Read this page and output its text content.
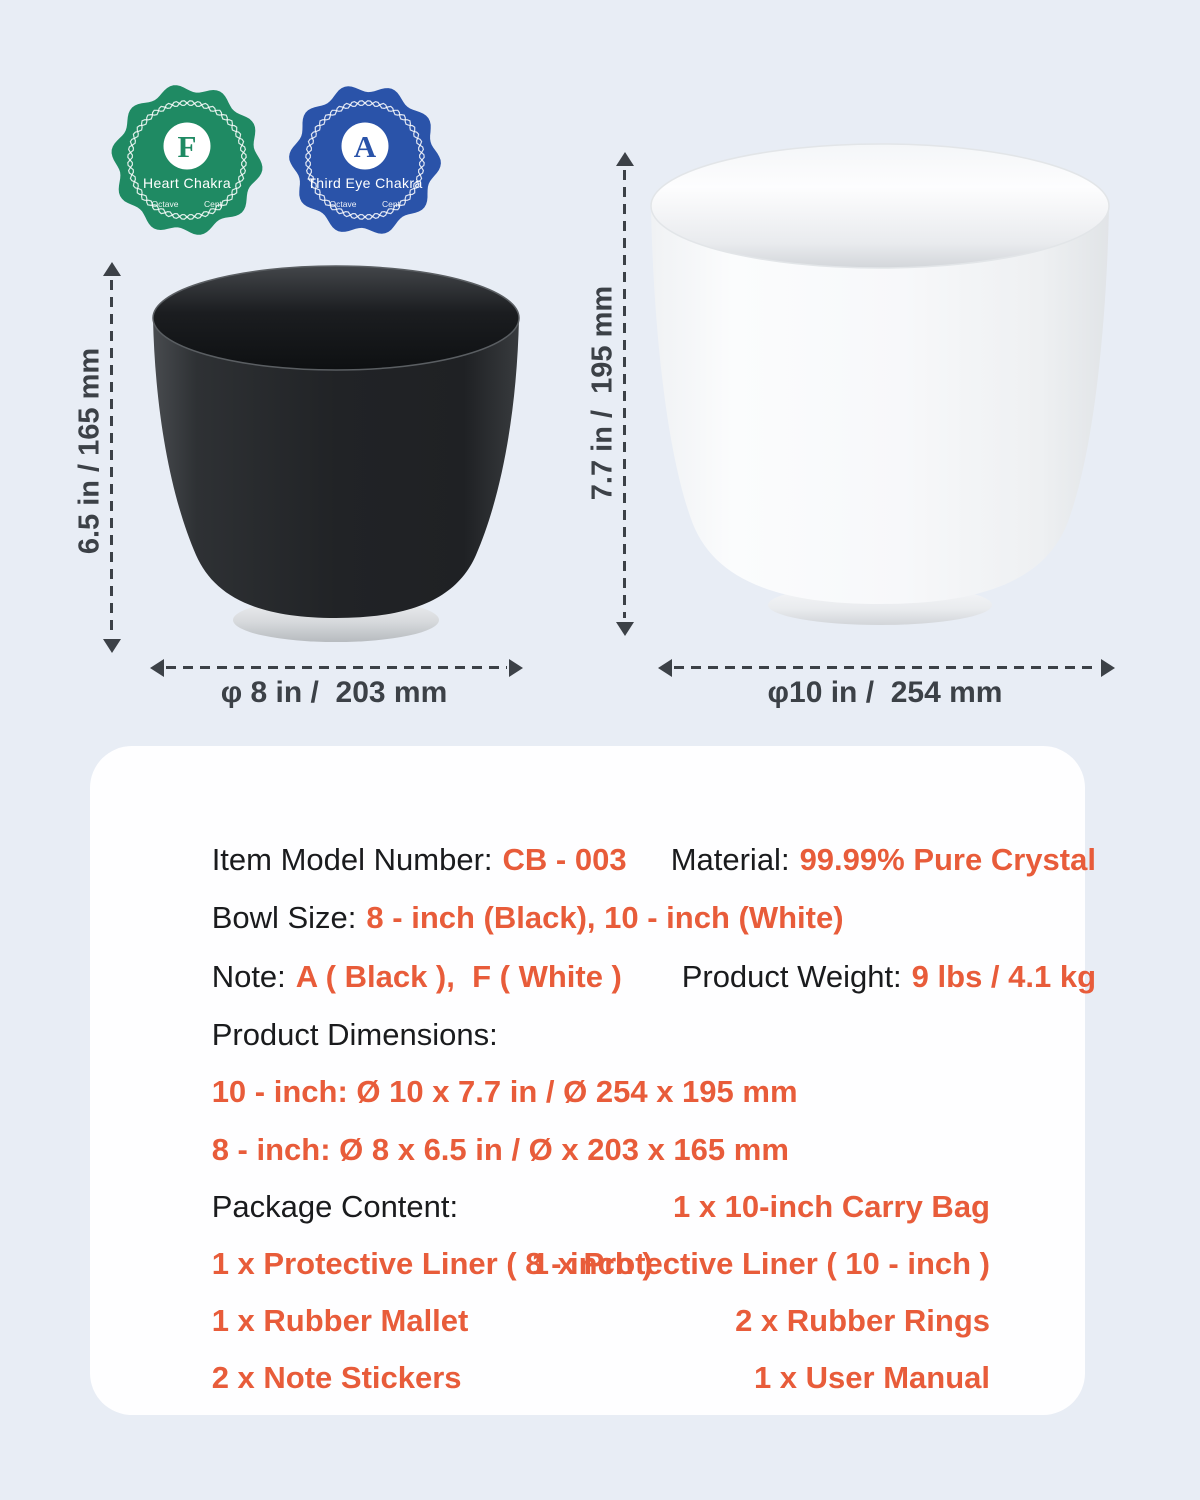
F
Heart Chakra
Octave	Cent
A
Third Eye Chakra
Octave	Cent
6.5 in / 165 mm
φ 8 in /  203 mm
7.7 in /  195 mm
φ10 in /  254 mm

Item Model Number: CB - 003
	Material: 99.99% Pure Crystal

Bowl Size: 8 - inch (Black), 10 - inch (White)

Note: A ( Black ),  F ( White )
	Product Weight: 9 lbs / 4.1 kg

Product Dimensions:

10 - inch: Ø 10 x 7.7 in / Ø 254 x 195 mm

8 - inch: Ø 8 x 6.5 in / Ø x 203 x 165 mm

Package Content:
	1 x 10-inch Carry Bag

1 x Protective Liner ( 8 - inch )

1 x Protective Liner ( 10 - inch )

1 x Rubber Mallet
	2 x Rubber Rings

2 x Note Stickers
	1 x User Manual
